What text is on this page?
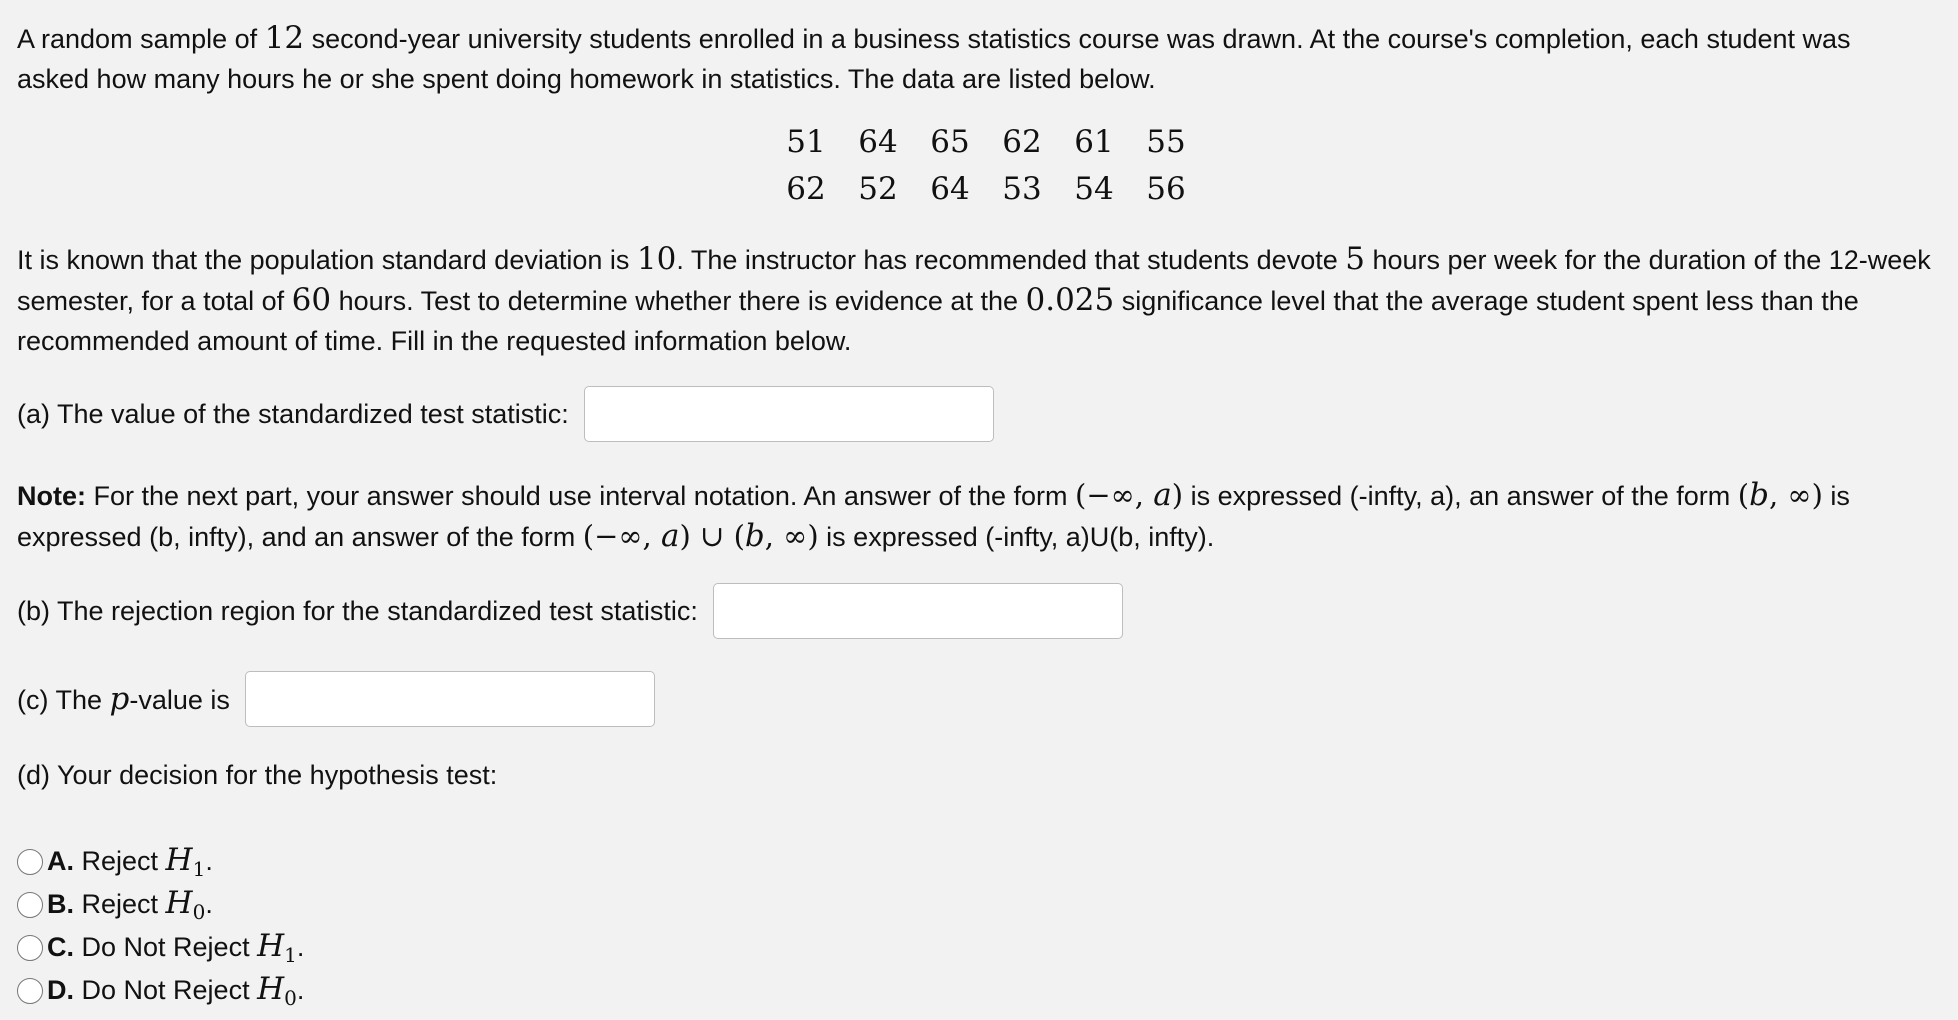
A random sample of 12 second-year university students enrolled in a business statistics course was drawn. At the course's completion, each student was asked how many hours he or she spent doing homework in statistics. The data are listed below.

51	64	65	62	61	55
62	52	64	53	54	56

It is known that the population standard deviation is 10. The instructor has recommended that students devote 5 hours per week for the duration of the 12-week semester, for a total of 60 hours. Test to determine whether there is evidence at the 0.025 significance level that the average student spent less than the recommended amount of time. Fill in the requested information below.

(a) The value of the standardized test statistic:

Note: For the next part, your answer should use interval notation. An answer of the form (−∞, a) is expressed (-infty, a), an answer of the form (b, ∞) is expressed (b, infty), and an answer of the form (−∞, a) ∪ (b, ∞) is expressed (-infty, a)U(b, infty).

(b) The rejection region for the standardized test statistic:
(c) The p-value is
(d) Your decision for the hypothesis test:
A. Reject $H_1$.
B. Reject $H_0$.
C. Do Not Reject $H_1$.
D. Do Not Reject $H_0$.
